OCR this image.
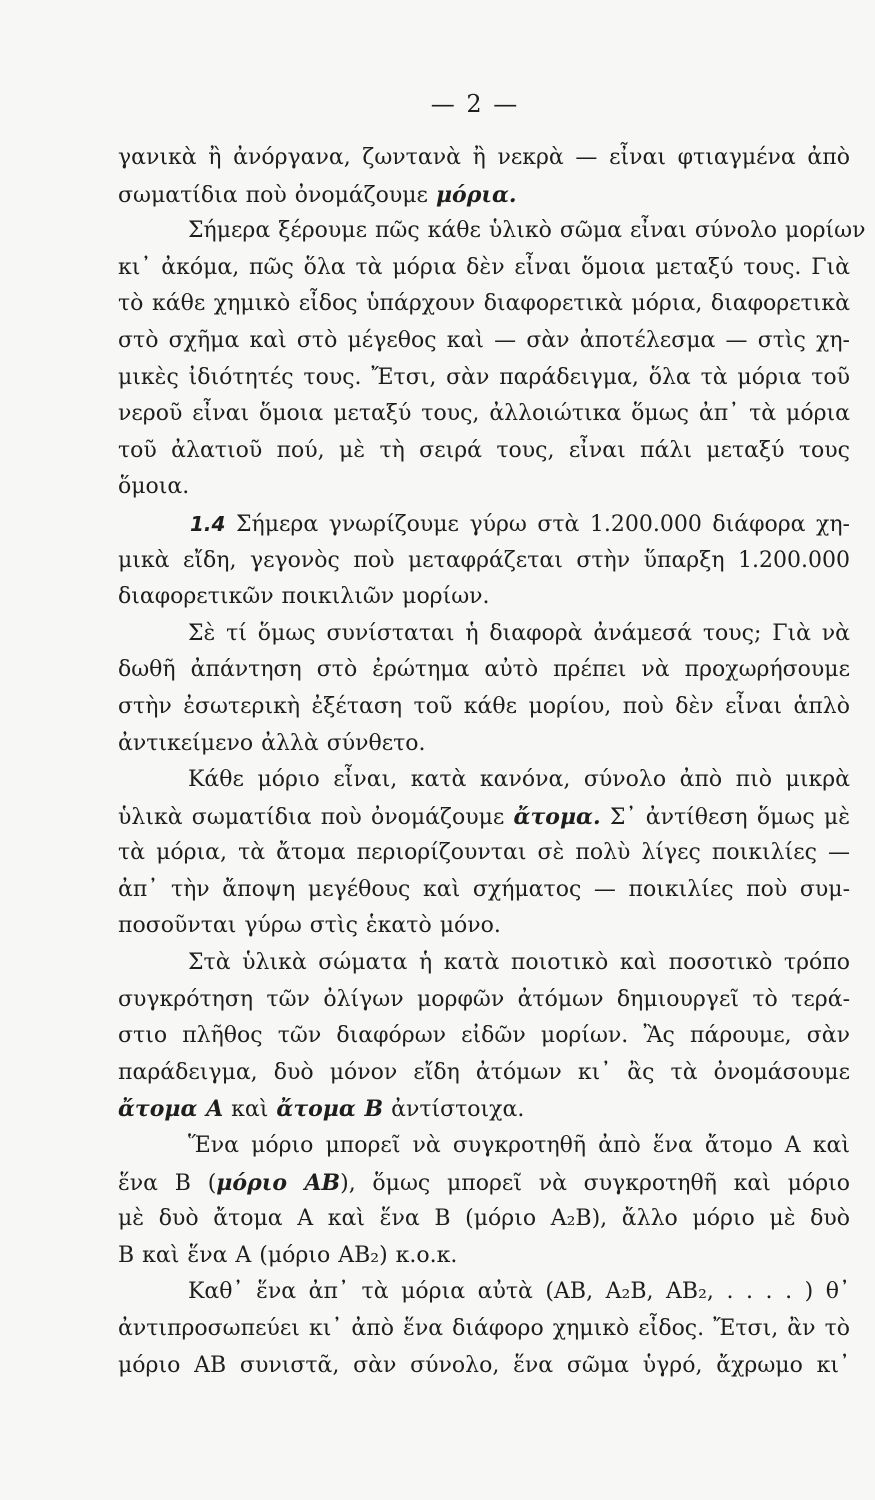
— 2 —
γανικὰ ἢ ἀνόργανα, ζωντανὰ ἢ νεκρὰ — εἶναι φτιαγμένα ἀπὸ
σωματίδια ποὺ ὀνομάζουμε μόρια.
Σήμερα ξέρουμε πῶς κάθε ὑλικὸ σῶμα εἶναι σύνολο μορίων
κι᾽ ἀκόμα, πῶς ὅλα τὰ μόρια δὲν εἶναι ὅμοια μεταξύ τους. Γιὰ
τὸ κάθε χημικὸ εἶδος ὑπάρχουν διαφορετικὰ μόρια, διαφορετικὰ
στὸ σχῆμα καὶ στὸ μέγεθος καὶ — σὰν ἀποτέλεσμα — στὶς χη-
μικὲς ἰδιότητές τους. Ἔτσι, σὰν παράδειγμα, ὅλα τὰ μόρια τοῦ
νεροῦ εἶναι ὅμοια μεταξύ τους, ἀλλοιώτικα ὅμως ἀπ᾽ τὰ μόρια
τοῦ ἀλατιοῦ πού, μὲ τὴ σειρά τους, εἶναι πάλι μεταξύ τους
ὅμοια.
1.4 Σήμερα γνωρίζουμε γύρω στὰ 1.200.000 διάφορα χη-
μικὰ εἴδη, γεγονὸς ποὺ μεταφράζεται στὴν ὕπαρξη 1.200.000
διαφορετικῶν ποικιλιῶν μορίων.
Σὲ τί ὅμως συνίσταται ἡ διαφορὰ ἀνάμεσά τους; Γιὰ νὰ
δωθῆ ἀπάντηση στὸ ἐρώτημα αὐτὸ πρέπει νὰ προχωρήσουμε
στὴν ἐσωτερικὴ ἐξέταση τοῦ κάθε μορίου, ποὺ δὲν εἶναι ἁπλὸ
ἀντικείμενο ἀλλὰ σύνθετο.
Κάθε μόριο εἶναι, κατὰ κανόνα, σύνολο ἀπὸ πιὸ μικρὰ
ὑλικὰ σωματίδια ποὺ ὀνομάζουμε ἄτομα. Σ᾽ ἀντίθεση ὅμως μὲ
τὰ μόρια, τὰ ἄτομα περιορίζουνται σὲ πολὺ λίγες ποικιλίες —
ἀπ᾽ τὴν ἄποψη μεγέθους καὶ σχήματος — ποικιλίες ποὺ συμ-
ποσοῦνται γύρω στὶς ἑκατὸ μόνο.
Στὰ ὑλικὰ σώματα ἡ κατὰ ποιοτικὸ καὶ ποσοτικὸ τρόπο
συγκρότηση τῶν ὀλίγων μορφῶν ἀτόμων δημιουργεῖ τὸ τερά-
στιο πλῆθος τῶν διαφόρων εἰδῶν μορίων. Ἂς πάρουμε, σὰν
παράδειγμα, δυὸ μόνον εἴδη ἀτόμων κι᾽ ἂς τὰ ὀνομάσουμε
ἄτομα A καὶ ἄτομα B ἀντίστοιχα.
Ἕνα μόριο μπορεῖ νὰ συγκροτηθῆ ἀπὸ ἕνα ἄτομο A καὶ
ἕνα B (μόριο AB), ὅμως μπορεῖ νὰ συγκροτηθῆ καὶ μόριο
μὲ δυὸ ἄτομα A καὶ ἕνα B (μόριο A₂B), ἄλλο μόριο μὲ δυὸ
B καὶ ἕνα A (μόριο AB₂) κ.ο.κ.
Καθ᾽ ἕνα ἀπ᾽ τὰ μόρια αὐτὰ (AB, A₂B, AB₂, . . . . ) θ᾽
ἀντιπροσωπεύει κι᾽ ἀπὸ ἕνα διάφορο χημικὸ εἶδος. Ἔτσι, ἂν τὸ
μόριο AB συνιστᾶ, σὰν σύνολο, ἕνα σῶμα ὑγρό, ἄχρωμο κι᾽
